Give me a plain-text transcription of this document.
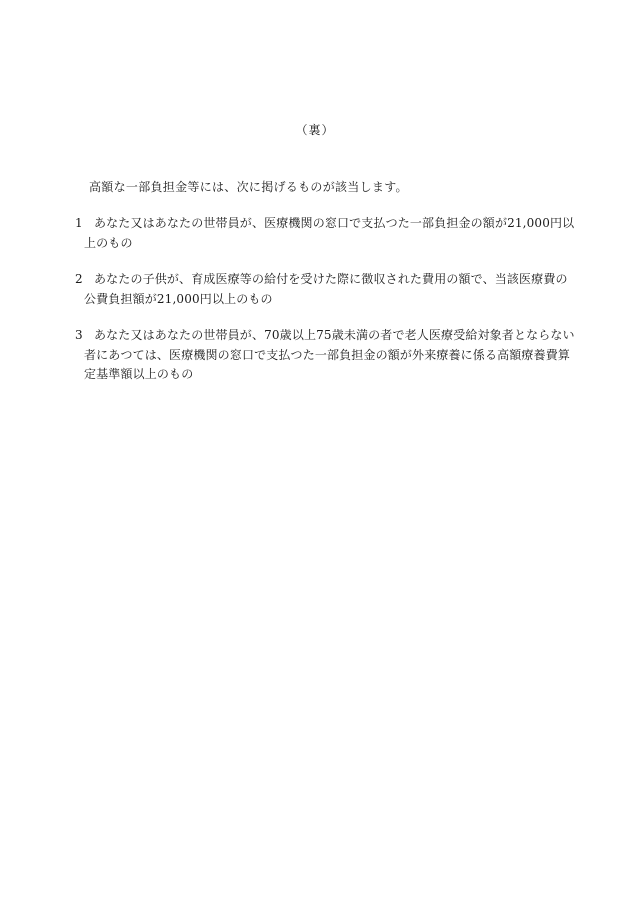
（裏）
高額な一部負担金等には、次に掲げるものが該当します。
1 あなた又はあなたの世帯員が、医療機関の窓口で支払つた一部負担金の額が21,000円以
上のもの
2 あなたの子供が、育成医療等の給付を受けた際に徴収された費用の額で、当該医療費の
公費負担額が21,000円以上のもの
3 あなた又はあなたの世帯員が、70歳以上75歳未満の者で老人医療受給対象者とならない
者にあつては、医療機関の窓口で支払つた一部負担金の額が外来療養に係る高額療養費算
定基準額以上のもの
